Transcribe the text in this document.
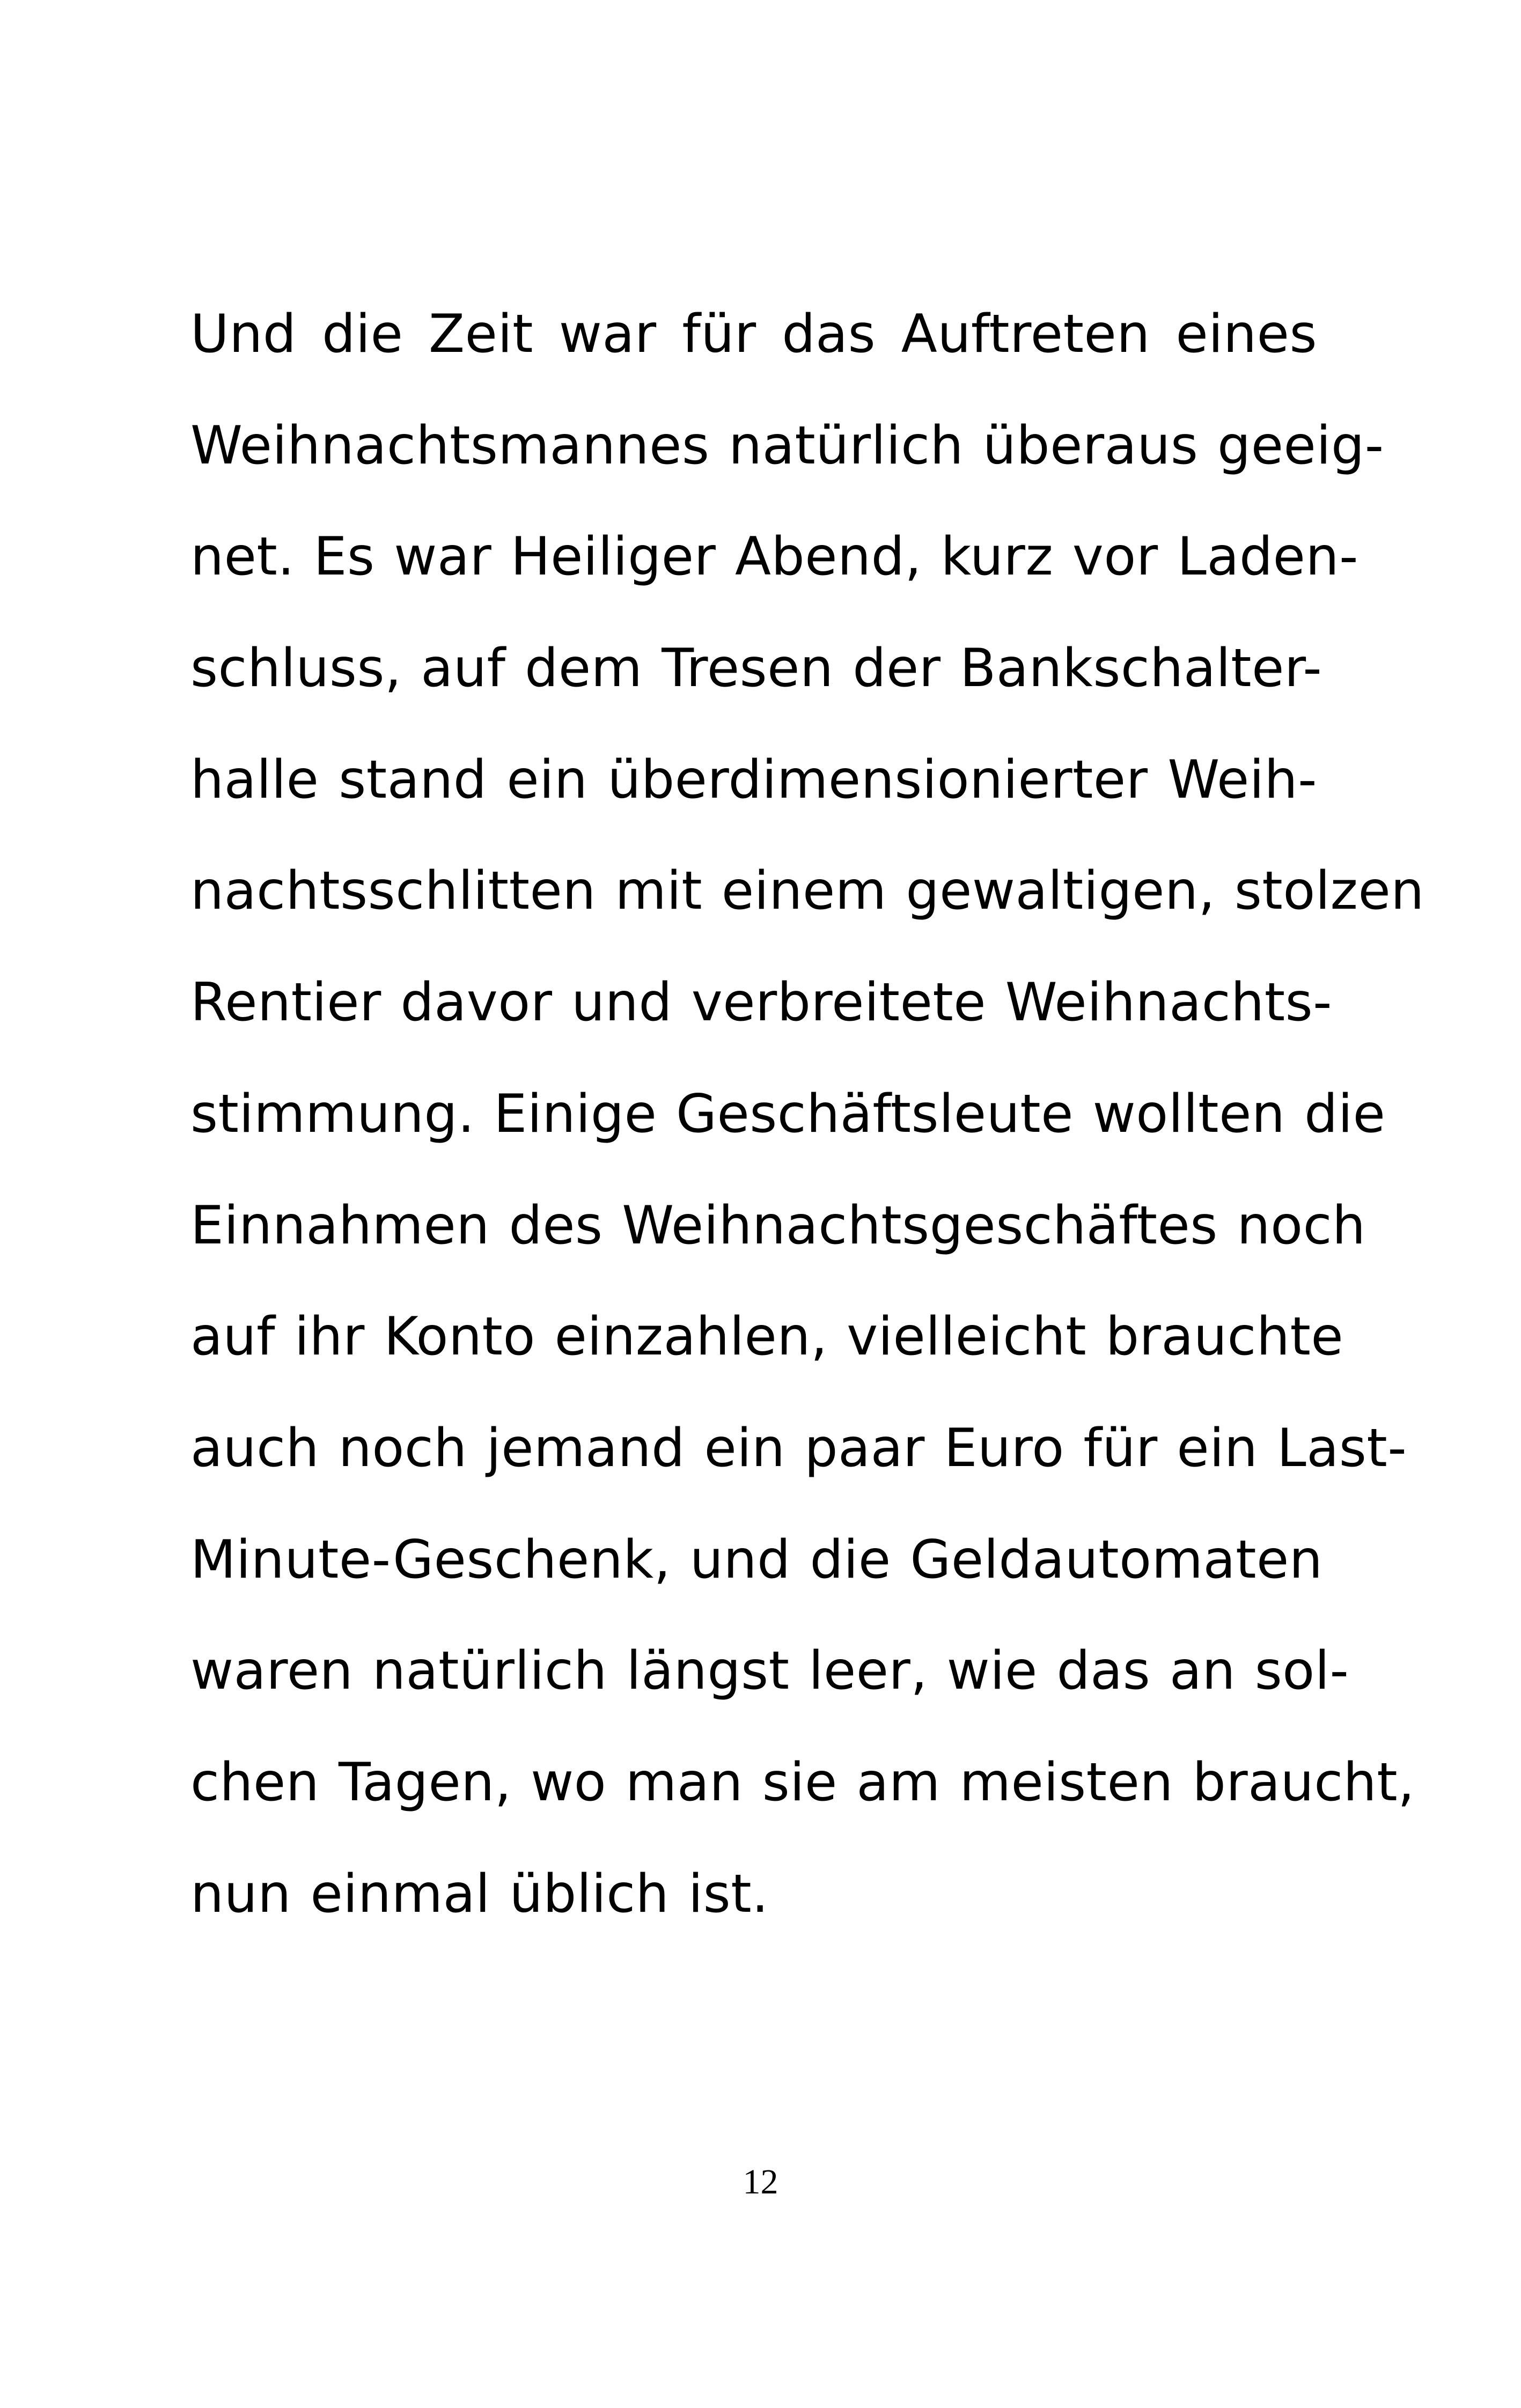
Und die Zeit war für das Auftreten eines
Weihnachtsmannes natürlich überaus geeig-
net. Es war Heiliger Abend, kurz vor Laden-
schluss, auf dem Tresen der Bankschalter-
halle stand ein überdimensionierter Weih-
nachtsschlitten mit einem gewaltigen, stolzen
Rentier davor und verbreitete Weihnachts-
stimmung. Einige Geschäftsleute wollten die
Einnahmen des Weihnachtsgeschäftes noch
auf ihr Konto einzahlen, vielleicht brauchte
auch noch jemand ein paar Euro für ein Last-
Minute-Geschenk, und die Geldautomaten
waren natürlich längst leer, wie das an sol-
chen Tagen, wo man sie am meisten braucht,
nun einmal üblich ist.
12
